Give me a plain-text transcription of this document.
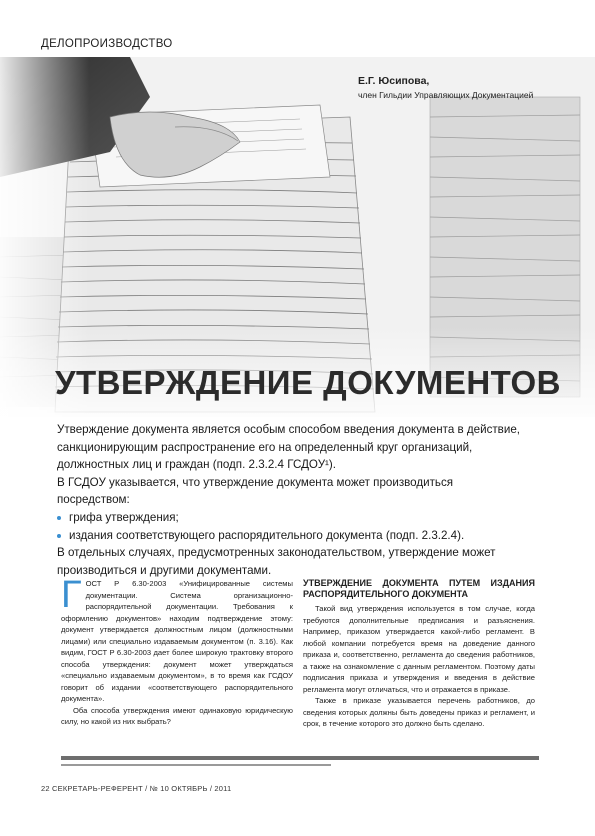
ДЕЛОПРОИЗВОДСТВО
Е.Г. Юсипова,
член Гильдии Управляющих Документацией
УТВЕРЖДЕНИЕ ДОКУМЕНТОВ

Утверждение документа является особым способом введения документа в действие, санкционирующим распространение его на определенный круг организаций, должностных лиц и граждан (подп. 2.3.2.4 ГСДОУ¹).

В ГСДОУ указывается, что утверждение документа может производиться посредством:

грифа утверждения;
издания соответствующего распорядительного документа (подп. 2.3.2.4).

В отдельных случаях, предусмотренных законодательством, утверждение может производиться и другими документами.

ГОСТ Р 6.30-2003 «Унифицированные системы документации. Система организационно-распорядительной документации. Требования к оформлению документов» находим подтверждение этому: документ утверждается должностным лицом (должностными лицами) или специально издаваемым документом (п. 3.16). Как видим, ГОСТ Р 6.30-2003 дает более широкую трактовку второго способа утверждения: документ может утверждаться «специально издаваемым документом», в то время как ГСДОУ говорит об издании «соответствующего распорядительного документа».

Оба способа утверждения имеют одинаковую юридическую силу, но какой из них выбрать?

УТВЕРЖДЕНИЕ ДОКУМЕНТА ПУТЕМ ИЗДАНИЯ РАСПОРЯДИТЕЛЬНОГО ДОКУМЕНТА

Такой вид утверждения используется в том случае, когда требуются дополнительные предписания и разъяснения. Например, приказом утверждается какой-либо регламент. В любой компании потребуется время на доведение данного приказа и, соответственно, регламента до сведения работников, а также на ознакомление с данным регламентом. Поэтому даты подписания приказа и утверждения и введения в действие регламента могут отличаться, что и отражается в приказе.

Также в приказе указывается перечень работников, до сведения которых должны быть доведены приказ и регламент, и срок, в течение которого это должно быть сделано.

22 СЕКРЕТАРЬ-РЕФЕРЕНТ / № 10 ОКТЯБРЬ / 2011
